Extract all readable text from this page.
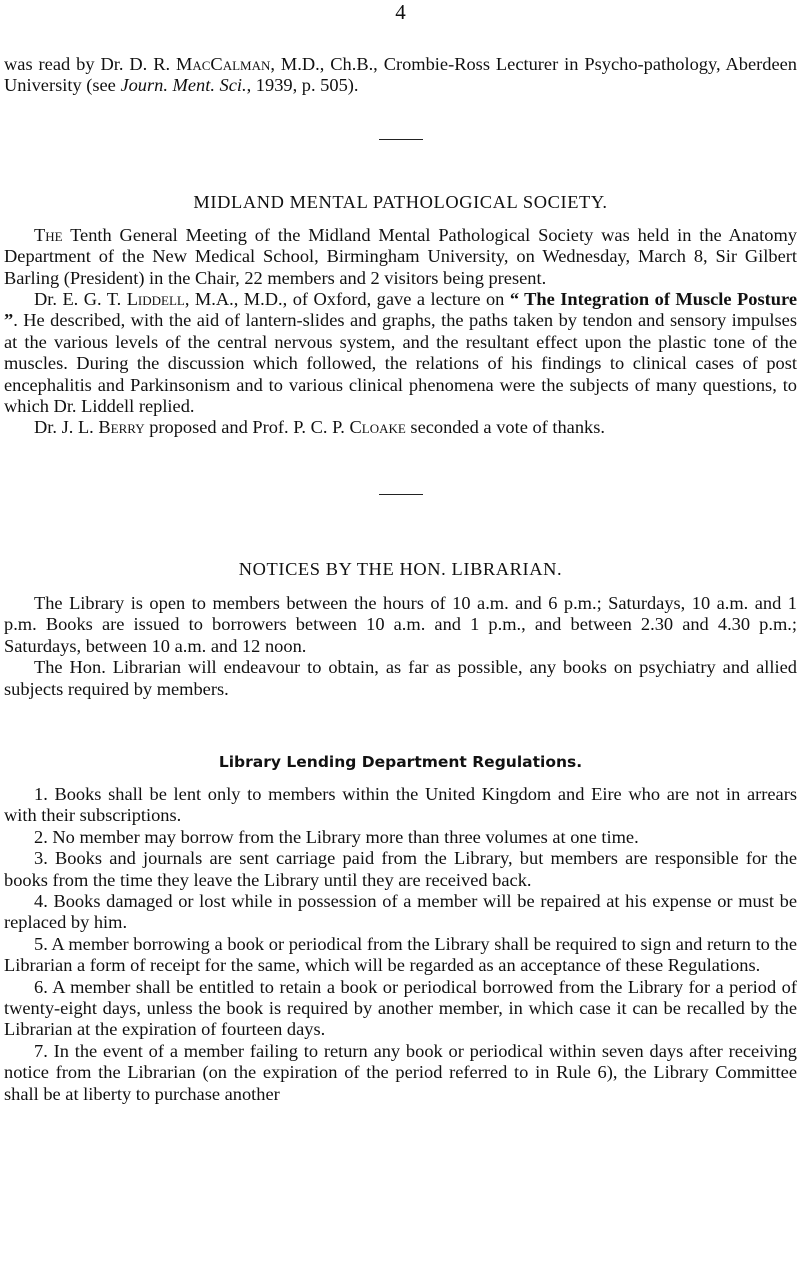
4

was read by Dr. D. R. MacCalman, M.D., Ch.B., Crombie-Ross Lecturer in Psycho-pathology, Aberdeen University (see Journ. Ment. Sci., 1939, p. 505).

MIDLAND MENTAL PATHOLOGICAL SOCIETY.

The Tenth General Meeting of the Midland Mental Pathological Society was held in the Anatomy Department of the New Medical School, Birmingham University, on Wednesday, March 8, Sir Gilbert Barling (President) in the Chair, 22 members and 2 visitors being present.

Dr. E. G. T. Liddell, M.A., M.D., of Oxford, gave a lecture on “ The Integration of Muscle Posture ”. He described, with the aid of lantern-slides and graphs, the paths taken by tendon and sensory impulses at the various levels of the central nervous system, and the resultant effect upon the plastic tone of the muscles. During the discussion which followed, the relations of his findings to clinical cases of post encephalitis and Parkinsonism and to various clinical phenomena were the subjects of many questions, to which Dr. Liddell replied.

Dr. J. L. Berry proposed and Prof. P. C. P. Cloake seconded a vote of thanks.

NOTICES BY THE HON. LIBRARIAN.

The Library is open to members between the hours of 10 a.m. and 6 p.m.; Saturdays, 10 a.m. and 1 p.m. Books are issued to borrowers between 10 a.m. and 1 p.m., and between 2.30 and 4.30 p.m.; Saturdays, between 10 a.m. and 12 noon.

The Hon. Librarian will endeavour to obtain, as far as possible, any books on psychiatry and allied subjects required by members.

Library Lending Department Regulations.

1. Books shall be lent only to members within the United Kingdom and Eire who are not in arrears with their subscriptions.

2. No member may borrow from the Library more than three volumes at one time.

3. Books and journals are sent carriage paid from the Library, but members are responsible for the books from the time they leave the Library until they are received back.

4. Books damaged or lost while in possession of a member will be repaired at his expense or must be replaced by him.

5. A member borrowing a book or periodical from the Library shall be required to sign and return to the Librarian a form of receipt for the same, which will be regarded as an acceptance of these Regulations.

6. A member shall be entitled to retain a book or periodical borrowed from the Library for a period of twenty-eight days, unless the book is required by another member, in which case it can be recalled by the Librarian at the expiration of fourteen days.

7. In the event of a member failing to return any book or periodical within seven days after receiving notice from the Librarian (on the expiration of the period referred to in Rule 6), the Library Committee shall be at liberty to purchase another
